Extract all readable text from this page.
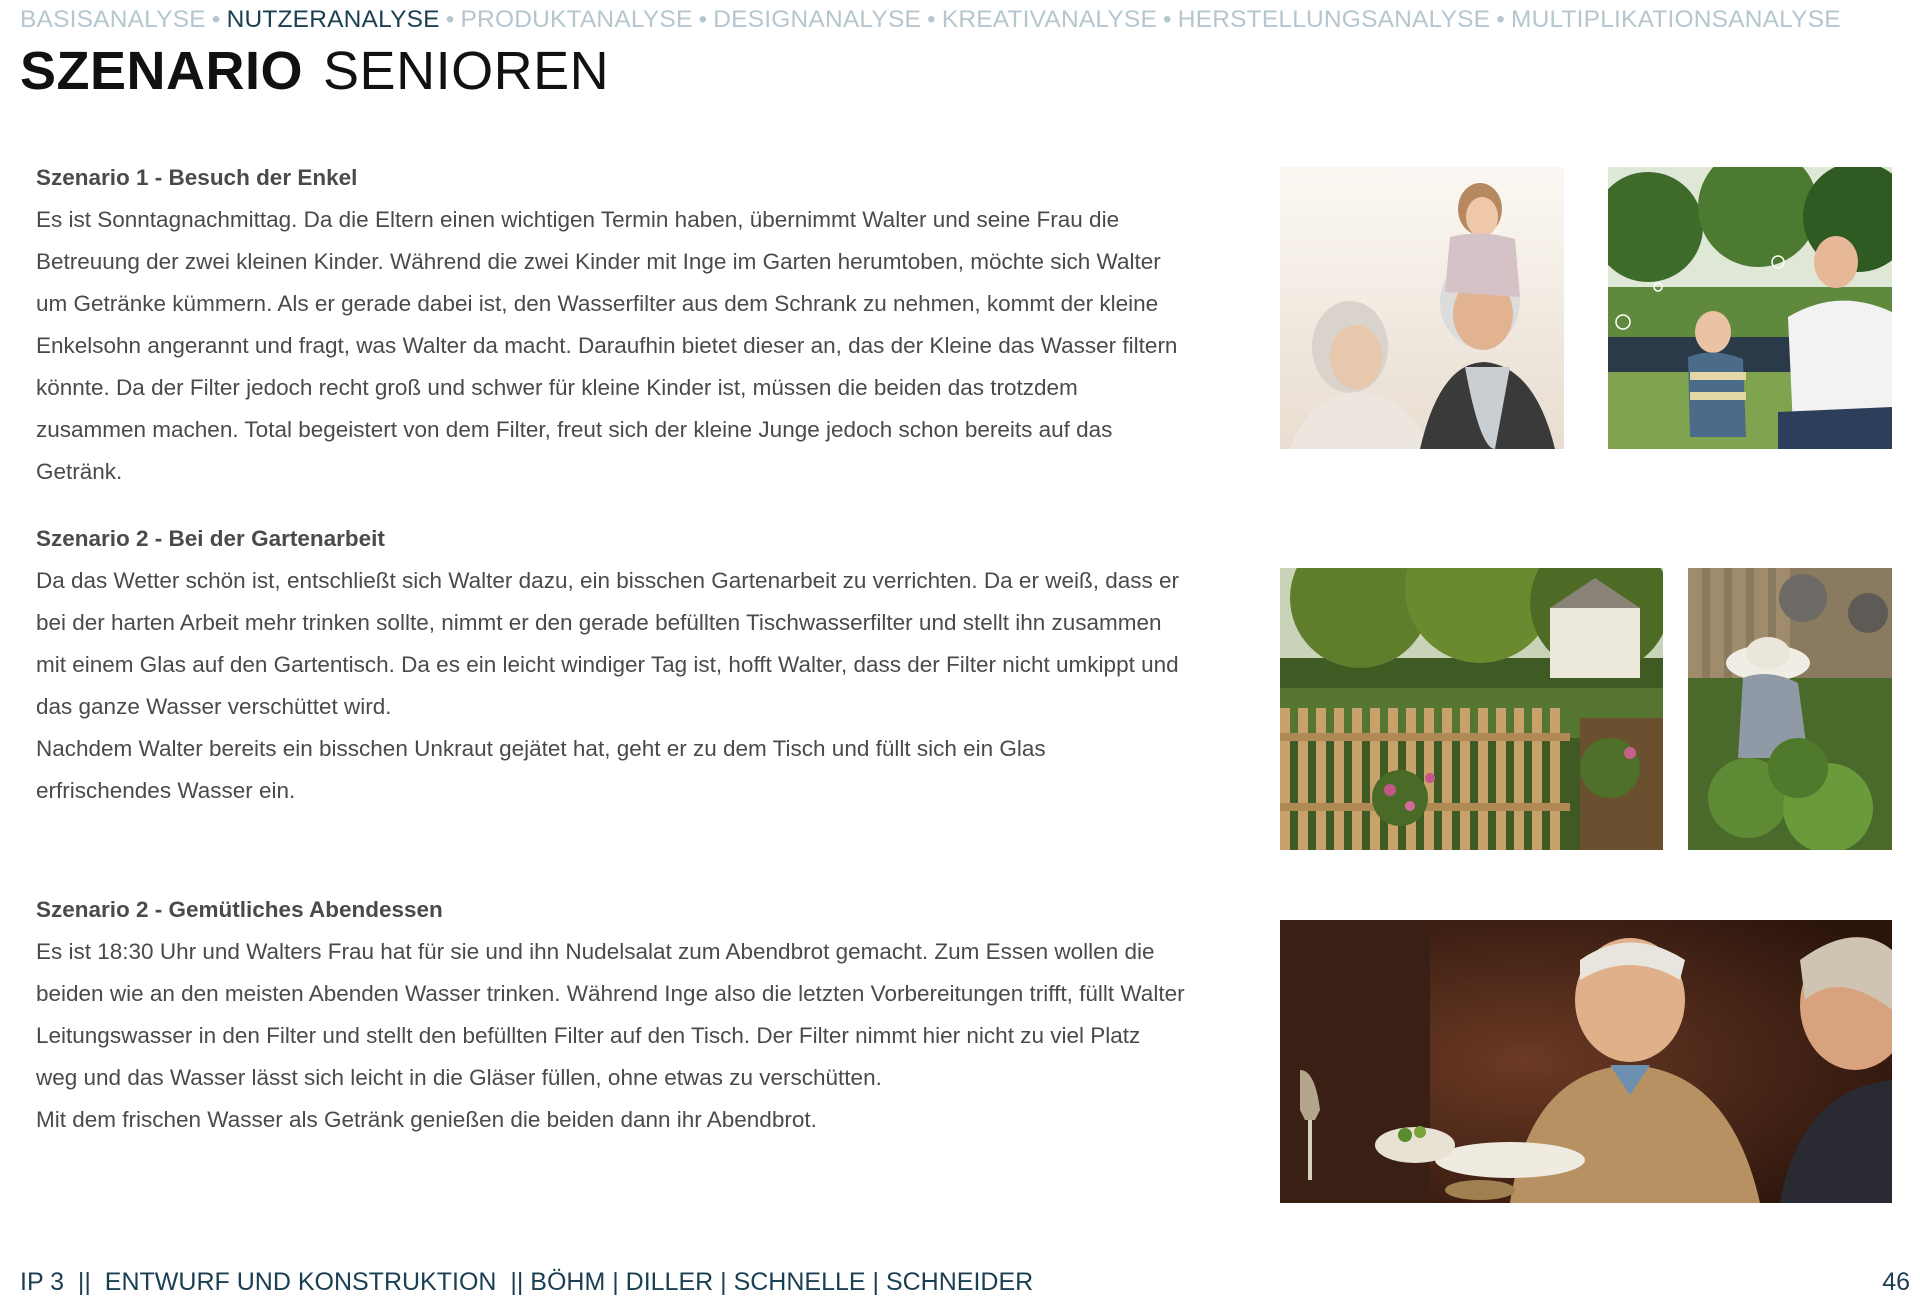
BASISANALYSE • NUTZERANALYSE • PRODUKTANALYSE • DESIGNANALYSE • KREATIVANALYSE • HERSTELLUNGSANALYSE • MULTIPLIKATIONSANALYSE
SZENARIO SENIOREN
Szenario 1 - Besuch der Enkel

Es ist Sonntagnachmittag. Da die Eltern einen wichtigen Termin haben, übernimmt Walter und seine Frau die Betreuung der zwei kleinen Kinder. Während die zwei Kinder mit Inge im Garten herumtoben, möchte sich Walter um Getränke kümmern. Als er gerade dabei ist, den Wasserfilter aus dem Schrank zu nehmen, kommt der kleine Enkelsohn angerannt und fragt, was Walter da macht. Daraufhin bietet dieser an, das der Kleine das Wasser filtern könnte. Da der Filter jedoch recht groß und schwer für kleine Kinder ist, müssen die beiden das trotzdem zusammen machen. Total begeistert von dem Filter, freut sich der kleine Junge jedoch schon bereits auf das Getränk.

Szenario 2 - Bei der Gartenarbeit

Da das Wetter schön ist, entschließt sich Walter dazu, ein bisschen Gartenarbeit zu verrichten. Da er weiß, dass er bei der harten Arbeit mehr trinken sollte, nimmt er den gerade befüllten Tischwasserfilter und stellt ihn zusammen mit einem Glas auf den Gartentisch. Da es ein leicht windiger Tag ist, hofft Walter, dass der Filter nicht umkippt und das ganze Wasser verschüttet wird.

Nachdem Walter bereits ein bisschen Unkraut gejätet hat, geht er zu dem Tisch und füllt sich ein Glas erfrischendes Wasser ein.

Szenario 2 - Gemütliches Abendessen

Es ist 18:30 Uhr und Walters Frau hat für sie und ihn Nudelsalat zum Abendbrot gemacht. Zum Essen wollen die beiden wie an den meisten Abenden Wasser trinken. Während Inge also die letzten Vorbereitungen trifft, füllt Walter Leitungswasser in den Filter und stellt den befüllten Filter auf den Tisch. Der Filter nimmt hier nicht zu viel Platz weg und das Wasser lässt sich leicht in die Gläser füllen, ohne etwas zu verschütten.

Mit dem frischen Wasser als Getränk genießen die beiden dann ihr Abendbrot.

IP 3  ||  ENTWURF UND KONSTRUKTION  || BÖHM | DILLER | SCHNELLE | SCHNEIDER	46
